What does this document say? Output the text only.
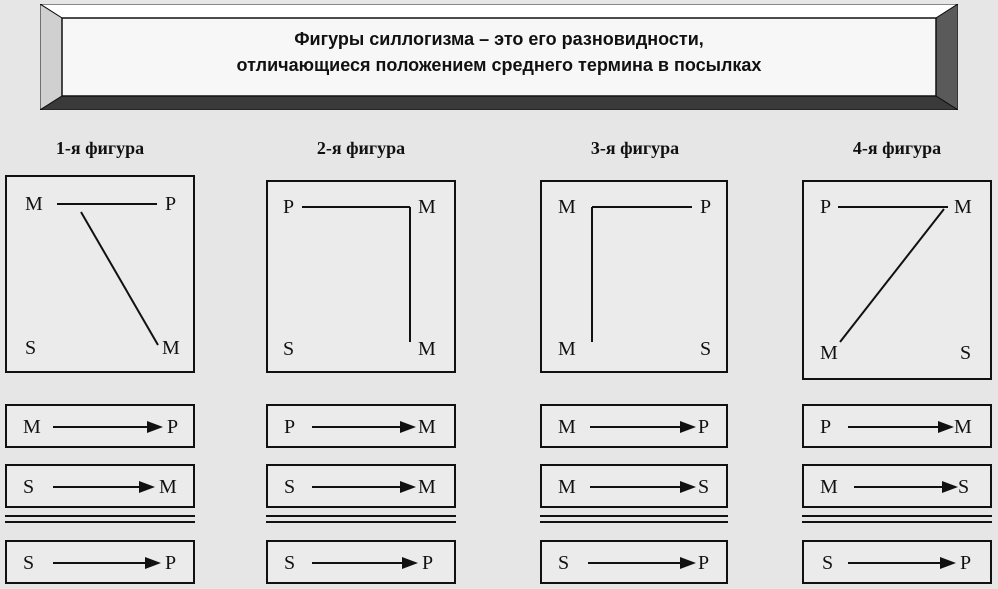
Фигуры силлогизма – это его разновидности,
отличающиеся положением среднего термина в посылках
1-я фигура
M	P
S	M
M	P
S	M
S	P
2-я фигура
P	M
S	M
P	M
S	M
S	P
3-я фигура
M	P
M	S
M	P
M	S
S	P
4-я фигура
P	M
M	S
P	M
M	S
S	P
